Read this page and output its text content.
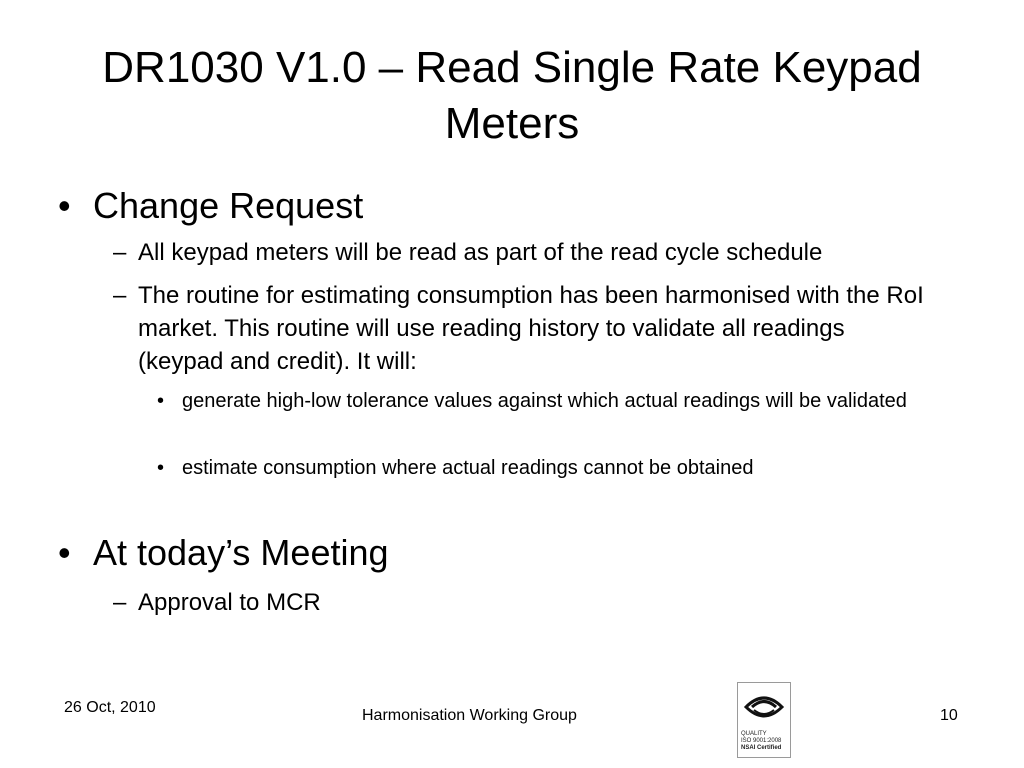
DR1030 V1.0 – Read Single Rate Keypad Meters
• Change Request
– All keypad meters will be read as part of the read cycle schedule
– The routine for estimating consumption has been harmonised with the RoI market. This routine will use reading history to validate all readings (keypad and credit). It will:
• generate high-low tolerance values against which actual readings will be validated
• estimate consumption where actual readings cannot be obtained
• At today’s Meeting
– Approval to MCR
26 Oct, 2010	Harmonisation Working Group	10
QUALITY
ISO 9001:2008
NSAI Certified
